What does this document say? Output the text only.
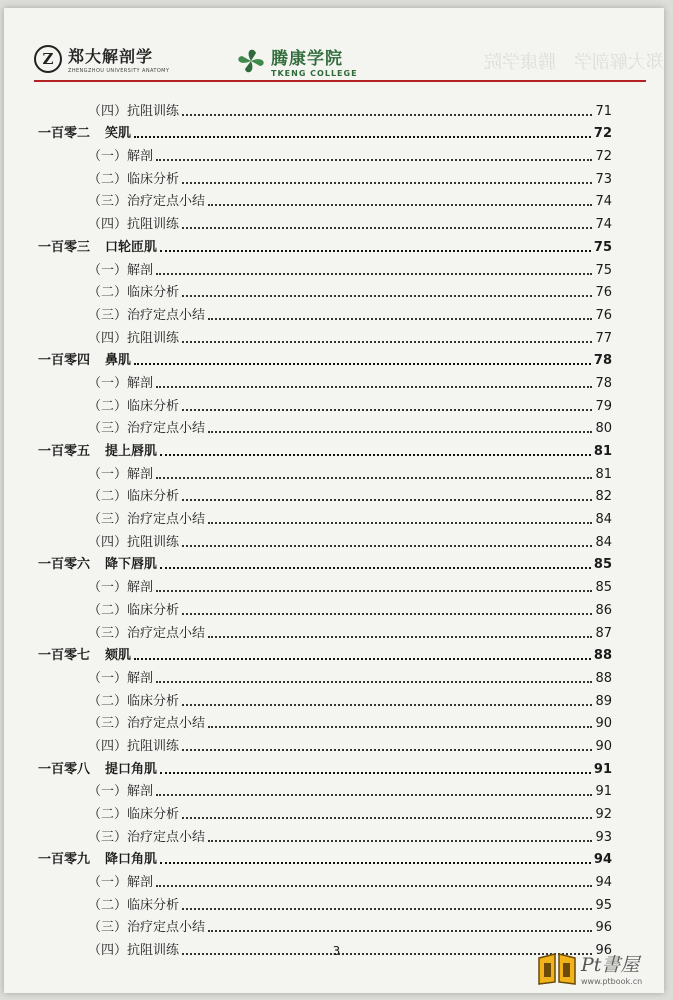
郑大解剖学　腾康学院
Z 郑大解剖学
ZHENGZHOU UNIVERSITY ANATOMY
腾康学院
TKENG COLLEGE
（四）抗阻训练	71
一百零二 笑肌	72
（一）解剖	72
（二）临床分析	73
（三）治疗定点小结	74
（四）抗阻训练	74
一百零三 口轮匝肌	75
（一）解剖	75
（二）临床分析	76
（三）治疗定点小结	76
（四）抗阻训练	77
一百零四 鼻肌	78
（一）解剖	78
（二）临床分析	79
（三）治疗定点小结	80
一百零五 提上唇肌	81
（一）解剖	81
（二）临床分析	82
（三）治疗定点小结	84
（四）抗阻训练	84
一百零六 降下唇肌	85
（一）解剖	85
（二）临床分析	86
（三）治疗定点小结	87
一百零七 颏肌	88
（一）解剖	88
（二）临床分析	89
（三）治疗定点小结	90
（四）抗阻训练	90
一百零八 提口角肌	91
（一）解剖	91
（二）临床分析	92
（三）治疗定点小结	93
一百零九 降口角肌	94
（一）解剖	94
（二）临床分析	95
（三）治疗定点小结	96
（四）抗阻训练	96
3
Pt書屋
www.ptbook.cn
